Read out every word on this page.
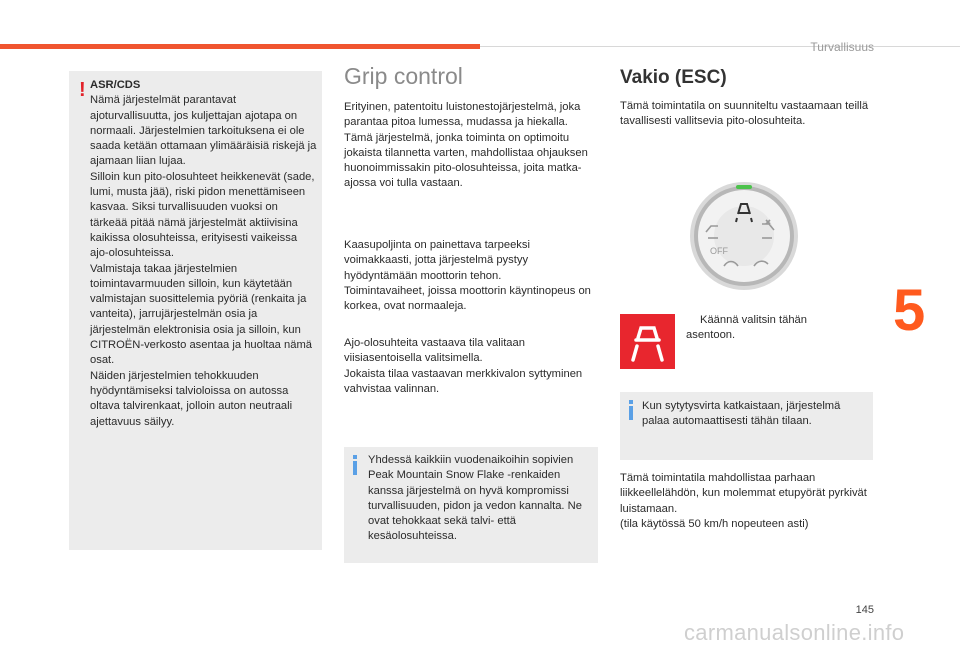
Turvallisuus
5
145
carmanualsonline.info
! ASR/CDS
Nämä järjestelmät parantavat ajoturvallisuutta, jos kuljettajan ajotapa on normaali. Järjestelmien tarkoituksena ei ole saada ketään ottamaan ylimääräisiä riskejä ja ajamaan liian lujaa.
Silloin kun pito-olosuhteet heikkenevät (sade, lumi, musta jää), riski pidon menettämiseen kasvaa. Siksi turvallisuuden vuoksi on tärkeää pitää nämä järjestelmät aktiivisina kaikissa olosuhteissa, erityisesti vaikeissa ajo-olosuhteissa.
Valmistaja takaa järjestelmien toimintavarmuuden silloin, kun käytetään valmistajan suosittelemia pyöriä (renkaita ja vanteita), jarrujärjestelmän osia ja järjestelmän elektronisia osia ja silloin, kun CITROËN-verkosto asentaa ja huoltaa nämä osat.
Näiden järjestelmien tehokkuuden hyödyntämiseksi talvioloissa on autossa oltava talvirenkaat, jolloin auton neutraali ajettavuus säilyy.
Grip control
Erityinen, patentoitu luistonestojärjestelmä, joka parantaa pitoa lumessa, mudassa ja hiekalla.
Tämä järjestelmä, jonka toiminta on optimoitu jokaista tilannetta varten, mahdollistaa ohjauksen huonoimmissakin pito-olosuhteissa, joita matka-ajossa voi tulla vastaan.
Kaasupoljinta on painettava tarpeeksi voimakkaasti, jotta järjestelmä pystyy hyödyntämään moottorin tehon.
Toimintavaiheet, joissa moottorin käyntinopeus on korkea, ovat normaaleja.
Ajo-olosuhteita vastaava tila valitaan viisiasentoisella valitsimella.
Jokaista tilaa vastaavan merkkivalon syttyminen vahvistaa valinnan.
Yhdessä kaikkiin vuodenaikoihin sopivien Peak Mountain Snow Flake -renkaiden kanssa järjestelmä on hyvä kompromissi turvallisuuden, pidon ja vedon kannalta. Ne ovat tehokkaat sekä talvi- että kesäolosuhteissa.
Vakio (ESC)
Tämä toimintatila on suunniteltu vastaamaan teillä tavallisesti vallitsevia pito-olosuhteita.
OFF
Käännä valitsin tähän asentoon.
Kun sytytysvirta katkaistaan, järjestelmä palaa automaattisesti tähän tilaan.
Tämä toimintatila mahdollistaa parhaan liikkeellelähdön, kun molemmat etupyörät pyrkivät luistamaan.
(tila käytössä 50 km/h nopeuteen asti)
